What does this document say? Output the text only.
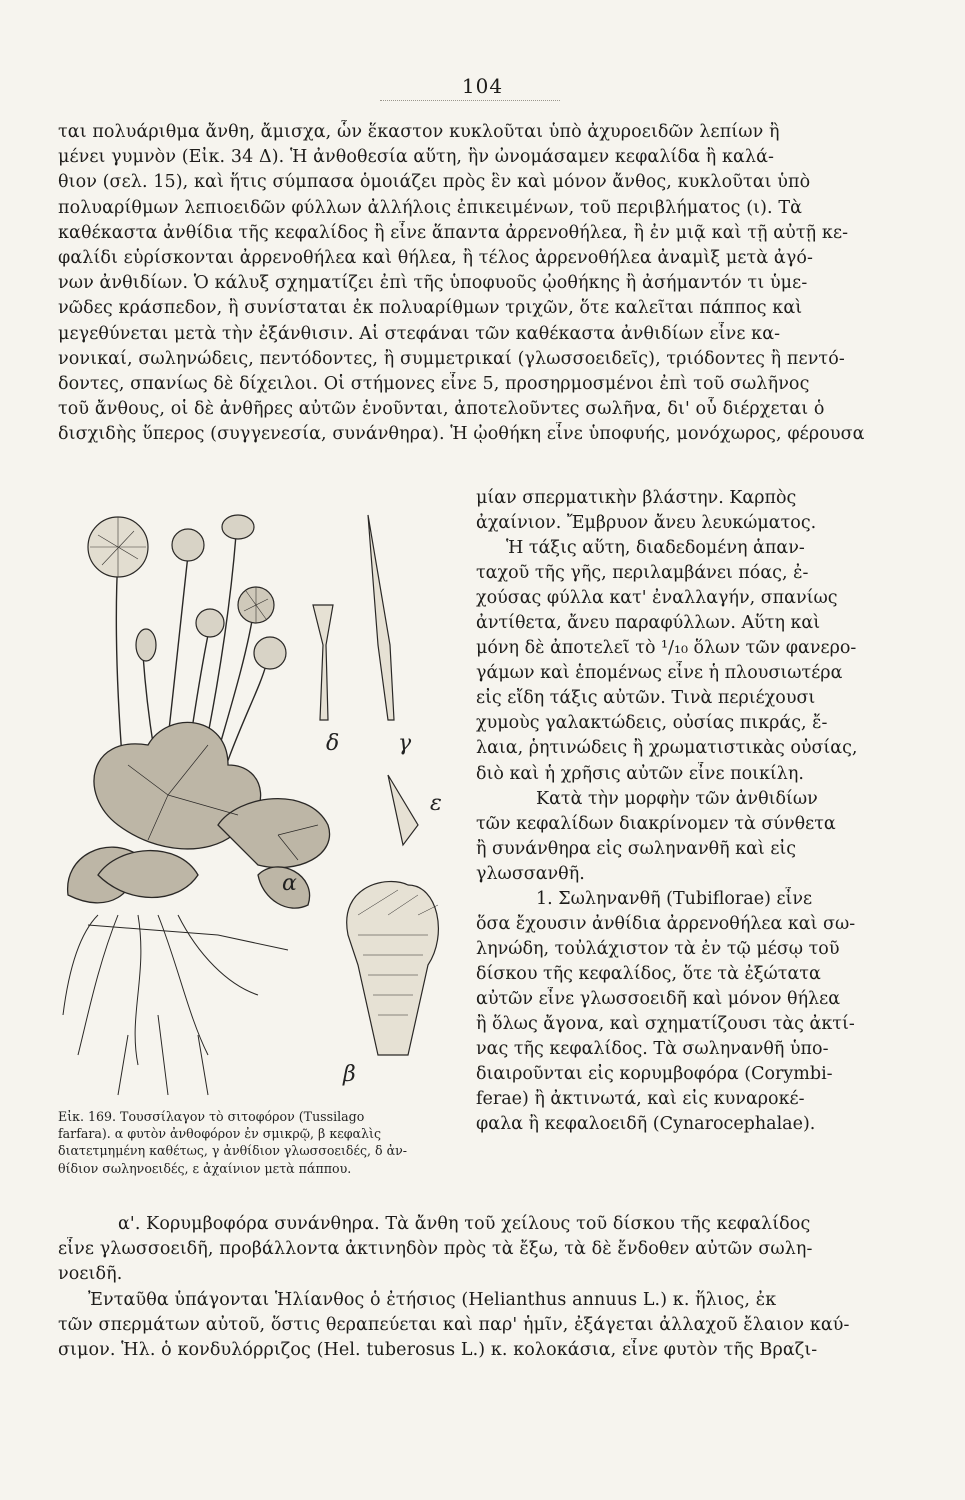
104
ται πολυάριθμα ἄνθη, ἄμισχα, ὧν ἕκαστον κυκλοῦται ὑπὸ ἀχυροειδῶν λεπίων ἢ
μένει γυμνὸν (Εἰκ. 34 Δ). Ἡ ἀνθοθεσία αὕτη, ἣν ὠνομάσαμεν κεφαλίδα ἢ καλά-
θιον (σελ. 15), καὶ ἥτις σύμπασα ὁμοιάζει πρὸς ἓν καὶ μόνον ἄνθος, κυκλοῦται ὑπὸ
πολυαρίθμων λεπιοειδῶν φύλλων ἀλλήλοις ἐπικειμένων, τοῦ περιβλήματος (ι). Τὰ
καθέκαστα ἀνθίδια τῆς κεφαλίδος ἢ εἶνε ἅπαντα ἀρρενοθήλεα, ἢ ἐν μιᾷ καὶ τῇ αὐτῇ κε-
φαλίδι εὑρίσκονται ἀρρενοθήλεα καὶ θήλεα, ἢ τέλος ἀρρενοθήλεα ἀναμὶξ μετὰ ἀγό-
νων ἀνθιδίων. Ὁ κάλυξ σχηματίζει ἐπὶ τῆς ὑποφυοῦς ᾠοθήκης ἢ ἀσήμαντόν τι ὑμε-
νῶδες κράσπεδον, ἢ συνίσταται ἐκ πολυαρίθμων τριχῶν, ὅτε καλεῖται πάππος καὶ
μεγεθύνεται μετὰ τὴν ἐξάνθισιν. Αἱ στεφάναι τῶν καθέκαστα ἀνθιδίων εἶνε κα-
νονικαί, σωληνώδεις, πεντόδοντες, ἢ συμμετρικαί (γλωσσοειδεῖς), τριόδοντες ἢ πεντό-
δοντες, σπανίως δὲ δίχειλοι. Οἱ στήμονες εἶνε 5, προσηρμοσμένοι ἐπὶ τοῦ σωλῆνος
τοῦ ἄνθους, οἱ δὲ ἀνθῆρες αὐτῶν ἑνοῦνται, ἀποτελοῦντες σωλῆνα, δι' οὗ διέρχεται ὁ
δισχιδὴς ὕπερος (συγγενεσία, συνάνθηρα). Ἡ ᾠοθήκη εἶνε ὑποφυής, μονόχωρος, φέρουσα
α
β
γ
δ
ε
Εἰκ. 169. Τουσσίλαγον τὸ σιτοφόρον (Tussilago
farfara). α φυτὸν ἀνθοφόρον ἐν σμικρῷ, β κεφαλὶς
διατετμημένη καθέτως, γ ἀνθίδιον γλωσσοειδές, δ ἀν-
θίδιον σωληνοειδές, ε ἀχαίνιον μετὰ πάππου.
μίαν σπερματικὴν βλάστην. Καρπὸς
ἀχαίνιον. Ἔμβρυον ἄνευ λευκώματος.
Ἡ τάξις αὕτη, διαδεδομένη ἁπαν-
ταχοῦ τῆς γῆς, περιλαμβάνει πόας, ἐ-
χούσας φύλλα κατ' ἐναλλαγήν, σπανίως
ἀντίθετα, ἄνευ παραφύλλων. Αὕτη καὶ
μόνη δὲ ἀποτελεῖ τὸ ¹/₁₀ ὅλων τῶν φανερο-
γάμων καὶ ἑπομένως εἶνε ἡ πλουσιωτέρα
εἰς εἴδη τάξις αὐτῶν. Τινὰ περιέχουσι
χυμοὺς γαλακτώδεις, οὐσίας πικράς, ἔ-
λαια, ῥητινώδεις ἢ χρωματιστικὰς οὐσίας,
διὸ καὶ ἡ χρῆσις αὐτῶν εἶνε ποικίλη.
Κατὰ τὴν μορφὴν τῶν ἀνθιδίων
τῶν κεφαλίδων διακρίνομεν τὰ σύνθετα
ἢ συνάνθηρα εἰς σωληνανθῆ καὶ εἰς
γλωσσανθῆ.
1. Σωληνανθῆ (Tubiflorae) εἶνε
ὅσα ἔχουσιν ἀνθίδια ἀρρενοθήλεα καὶ σω-
ληνώδη, τοὐλάχιστον τὰ ἐν τῷ μέσῳ τοῦ
δίσκου τῆς κεφαλίδος, ὅτε τὰ ἐξώτατα
αὐτῶν εἶνε γλωσσοειδῆ καὶ μόνον θήλεα
ἢ ὅλως ἄγονα, καὶ σχηματίζουσι τὰς ἀκτί-
νας τῆς κεφαλίδος. Τὰ σωληνανθῆ ὑπο-
διαιροῦνται εἰς κορυμβοφόρα (Corymbi-
ferae) ἢ ἀκτινωτά, καὶ εἰς κυναροκέ-
φαλα ἢ κεφαλοειδῆ (Cynarocephalae).
α'. Κορυμβοφόρα συνάνθηρα. Τὰ ἄνθη τοῦ χείλους τοῦ δίσκου τῆς κεφαλίδος
εἶνε γλωσσοειδῆ, προβάλλοντα ἀκτινηδὸν πρὸς τὰ ἔξω, τὰ δὲ ἔνδοθεν αὐτῶν σωλη-
νοειδῆ.
Ἐνταῦθα ὑπάγονται Ἡλίανθος ὁ ἐτήσιος (Helianthus annuus L.) κ. ἥλιος, ἐκ
τῶν σπερμάτων αὐτοῦ, ὅστις θεραπεύεται καὶ παρ' ἡμῖν, ἐξάγεται ἀλλαχοῦ ἔλαιον καύ-
σιμον. Ἡλ. ὁ κονδυλόρριζος (Hel. tuberosus L.) κ. κολοκάσια, εἶνε φυτὸν τῆς Βραζι-
